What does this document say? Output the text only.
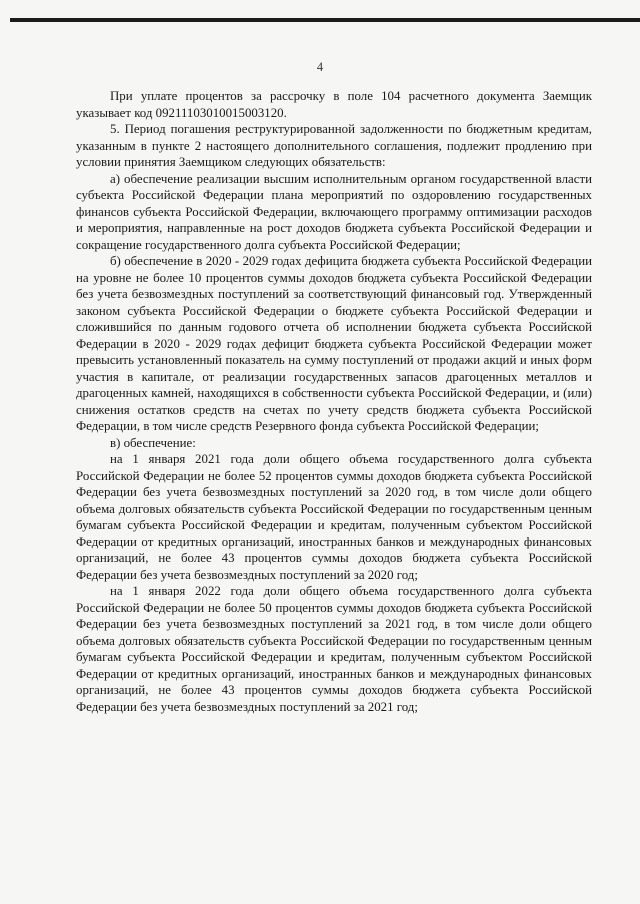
4

При уплате процентов за рассрочку в поле 104 расчетного документа Заемщик указывает код 09211103010015003120.

5. Период погашения реструктурированной задолженности по бюджетным кредитам, указанным в пункте 2 настоящего дополнительного соглашения, подлежит продлению при условии принятия Заемщиком следующих обязательств:

а) обеспечение реализации высшим исполнительным органом государственной власти субъекта Российской Федерации плана мероприятий по оздоровлению государственных финансов субъекта Российской Федерации, включающего программу оптимизации расходов и мероприятия, направленные на рост доходов бюджета субъекта Российской Федерации и сокращение государственного долга субъекта Российской Федерации;

б) обеспечение в 2020 - 2029 годах дефицита бюджета субъекта Российской Федерации на уровне не более 10 процентов суммы доходов бюджета субъекта Российской Федерации без учета безвозмездных поступлений за соответствующий финансовый год. Утвержденный законом субъекта Российской Федерации о бюджете субъекта Российской Федерации и сложившийся по данным годового отчета об исполнении бюджета субъекта Российской Федерации в 2020 - 2029 годах дефицит бюджета субъекта Российской Федерации может превысить установленный показатель на сумму поступлений от продажи акций и иных форм участия в капитале, от реализации государственных запасов драгоценных металлов и драгоценных камней, находящихся в собственности субъекта Российской Федерации, и (или) снижения остатков средств на счетах по учету средств бюджета субъекта Российской Федерации, в том числе средств Резервного фонда субъекта Российской Федерации;

в) обеспечение:

на 1 января 2021 года доли общего объема государственного долга субъекта Российской Федерации не более 52 процентов суммы доходов бюджета субъекта Российской Федерации без учета безвозмездных поступлений за 2020 год, в том числе доли общего объема долговых обязательств субъекта Российской Федерации по государственным ценным бумагам субъекта Российской Федерации и кредитам, полученным субъектом Российской Федерации от кредитных организаций, иностранных банков и международных финансовых организаций, не более 43 процентов суммы доходов бюджета субъекта Российской Федерации без учета безвозмездных поступлений за 2020 год;

на 1 января 2022 года доли общего объема государственного долга субъекта Российской Федерации не более 50 процентов суммы доходов бюджета субъекта Российской Федерации без учета безвозмездных поступлений за 2021 год, в том числе доли общего объема долговых обязательств субъекта Российской Федерации по государственным ценным бумагам субъекта Российской Федерации и кредитам, полученным субъектом Российской Федерации от кредитных организаций, иностранных банков и международных финансовых организаций, не более 43 процентов суммы доходов бюджета субъекта Российской Федерации без учета безвозмездных поступлений за 2021 год;
